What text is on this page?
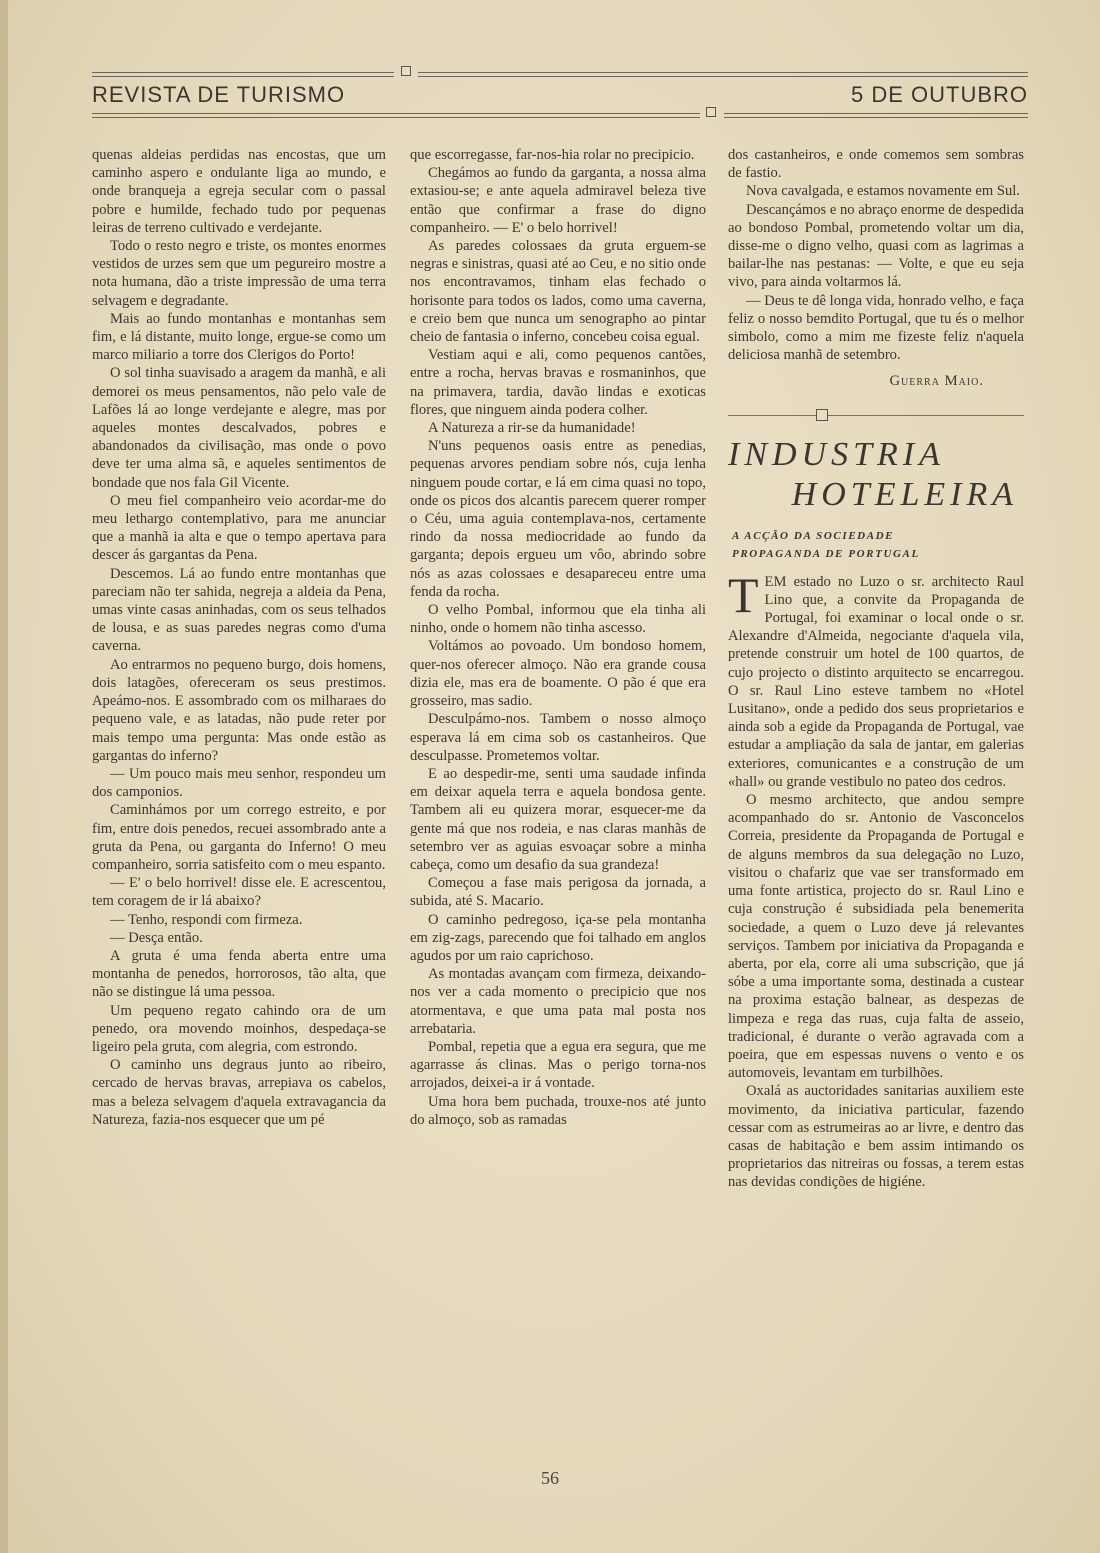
REVISTA DE TURISMO	5 DE OUTUBRO

quenas aldeias perdidas nas encostas, que um caminho aspero e ondulante liga ao mundo, e onde branqueja a egreja secular com o passal pobre e humilde, fechado tudo por pequenas leiras de terreno cultivado e verdejante.

Todo o resto negro e triste, os montes enormes vestidos de urzes sem que um pegureiro mostre a nota humana, dão a triste impressão de uma terra selvagem e degradante.

Mais ao fundo montanhas e montanhas sem fim, e lá distante, muito longe, ergue-se como um marco miliario a torre dos Clerigos do Porto!

O sol tinha suavisado a aragem da manhã, e ali demorei os meus pensamentos, não pelo vale de Lafões lá ao longe verdejante e alegre, mas por aqueles montes descalvados, pobres e abandonados da civilisação, mas onde o povo deve ter uma alma sã, e aqueles sentimentos de bondade que nos fala Gil Vicente.

O meu fiel companheiro veio acordar-me do meu lethargo contemplativo, para me anunciar que a manhã ia alta e que o tempo apertava para descer ás gargantas da Pena.

Descemos. Lá ao fundo entre montanhas que pareciam não ter sahida, negreja a aldeia da Pena, umas vinte casas aninhadas, com os seus telhados de lousa, e as suas paredes negras como d'uma caverna.

Ao entrarmos no pequeno burgo, dois homens, dois latagões, ofereceram os seus prestimos. Apeámo-nos. E assombrado com os milharaes do pequeno vale, e as latadas, não pude reter por mais tempo uma pergunta: Mas onde estão as gargantas do inferno?

— Um pouco mais meu senhor, respondeu um dos camponios.

Caminhámos por um corrego estreito, e por fim, entre dois penedos, recuei assombrado ante a gruta da Pena, ou garganta do Inferno! O meu companheiro, sorria satisfeito com o meu espanto.

— E' o belo horrivel! disse ele. E acrescentou, tem coragem de ir lá abaixo?

— Tenho, respondi com firmeza.

— Desça então.

A gruta é uma fenda aberta entre uma montanha de penedos, horrorosos, tão alta, que não se distingue lá uma pessoa.

Um pequeno regato cahindo ora de um penedo, ora movendo moinhos, despedaça-se ligeiro pela gruta, com alegria, com estrondo.

O caminho uns degraus junto ao ribeiro, cercado de hervas bravas, arrepiava os cabelos, mas a beleza selvagem d'aquela extravagancia da Natureza, fazia-nos esquecer que um pé

que escorregasse, far-nos-hia rolar no precipicio.

Chegámos ao fundo da garganta, a nossa alma extasiou-se; e ante aquela admiravel beleza tive então que confirmar a frase do digno companheiro. — E' o belo horrivel!

As paredes colossaes da gruta erguem-se negras e sinistras, quasi até ao Ceu, e no sitio onde nos encontravamos, tinham elas fechado o horisonte para todos os lados, como uma caverna, e creio bem que nunca um senographo ao pintar cheio de fantasia o inferno, concebeu coisa egual.

Vestiam aqui e ali, como pequenos cantões, entre a rocha, hervas bravas e rosmaninhos, que na primavera, tardia, davão lindas e exoticas flores, que ninguem ainda podera colher.

A Natureza a rir-se da humanidade!

N'uns pequenos oasis entre as penedias, pequenas arvores pendiam sobre nós, cuja lenha ninguem poude cortar, e lá em cima quasi no topo, onde os picos dos alcantis parecem querer romper o Céu, uma aguia contemplava-nos, certamente rindo da nossa mediocridade ao fundo da garganta; depois ergueu um vôo, abrindo sobre nós as azas colossaes e desapareceu entre uma fenda da rocha.

O velho Pombal, informou que ela tinha ali ninho, onde o homem não tinha ascesso.

Voltámos ao povoado. Um bondoso homem, quer-nos oferecer almoço. Não era grande cousa dizia ele, mas era de boamente. O pão é que era grosseiro, mas sadio.

Desculpámo-nos. Tambem o nosso almoço esperava lá em cima sob os castanheiros. Que desculpasse. Prometemos voltar.

E ao despedir-me, senti uma saudade infinda em deixar aquela terra e aquela bondosa gente. Tambem ali eu quizera morar, esquecer-me da gente má que nos rodeia, e nas claras manhãs de setembro ver as aguias esvoaçar sobre a minha cabeça, como um desafio da sua grandeza!

Começou a fase mais perigosa da jornada, a subida, até S. Macario.

O caminho pedregoso, iça-se pela montanha em zig-zags, parecendo que foi talhado em anglos agudos por um raio caprichoso.

As montadas avançam com firmeza, deixando-nos ver a cada momento o precipicio que nos atormentava, e que uma pata mal posta nos arrebataria.

Pombal, repetia que a egua era segura, que me agarrasse ás clinas. Mas o perigo torna-nos arrojados, deixei-a ir á vontade.

Uma hora bem puchada, trouxe-nos até junto do almoço, sob as ramadas

dos castanheiros, e onde comemos sem sombras de fastio.

Nova cavalgada, e estamos novamente em Sul.

Descançámos e no abraço enorme de despedida ao bondoso Pombal, prometendo voltar um dia, disse-me o digno velho, quasi com as lagrimas a bailar-lhe nas pestanas: — Volte, e que eu seja vivo, para ainda voltarmos lá.

— Deus te dê longa vida, honrado velho, e faça feliz o nosso bemdito Portugal, que tu és o melhor simbolo, como a mim me fizeste feliz n'aquela deliciosa manhã de setembro.

Guerra Maio.

INDUSTRIA
HOTELEIRA
A ACÇÃO DA SOCIEDADE
PROPAGANDA DE PORTUGAL

TEM estado no Luzo o sr. architecto Raul Lino que, a convite da Propaganda de Portugal, foi examinar o local onde o sr. Alexandre d'Almeida, negociante d'aquela vila, pretende construir um hotel de 100 quartos, de cujo projecto o distinto arquitecto se encarregou. O sr. Raul Lino esteve tambem no «Hotel Lusitano», onde a pedido dos seus proprietarios e ainda sob a egide da Propaganda de Portugal, vae estudar a ampliação da sala de jantar, em galerias exteriores, comunicantes e a construção de um «hall» ou grande vestibulo no pateo dos cedros.

O mesmo architecto, que andou sempre acompanhado do sr. Antonio de Vasconcelos Correia, presidente da Propaganda de Portugal e de alguns membros da sua delegação no Luzo, visitou o chafariz que vae ser transformado em uma fonte artistica, projecto do sr. Raul Lino e cuja construção é subsidiada pela benemerita sociedade, a quem o Luzo deve já relevantes serviços. Tambem por iniciativa da Propaganda e aberta, por ela, corre ali uma subscrição, que já sóbe a uma importante soma, destinada a custear na proxima estação balnear, as despezas de limpeza e rega das ruas, cuja falta de asseio, tradicional, é durante o verão agravada com a poeira, que em espessas nuvens o vento e os automoveis, levantam em turbilhões.

Oxalá as auctoridades sanitarias auxiliem este movimento, da iniciativa particular, fazendo cessar com as estrumeiras ao ar livre, e dentro das casas de habitação e bem assim intimando os proprietarios das nitreiras ou fossas, a terem estas nas devidas condições de higiéne.

56
